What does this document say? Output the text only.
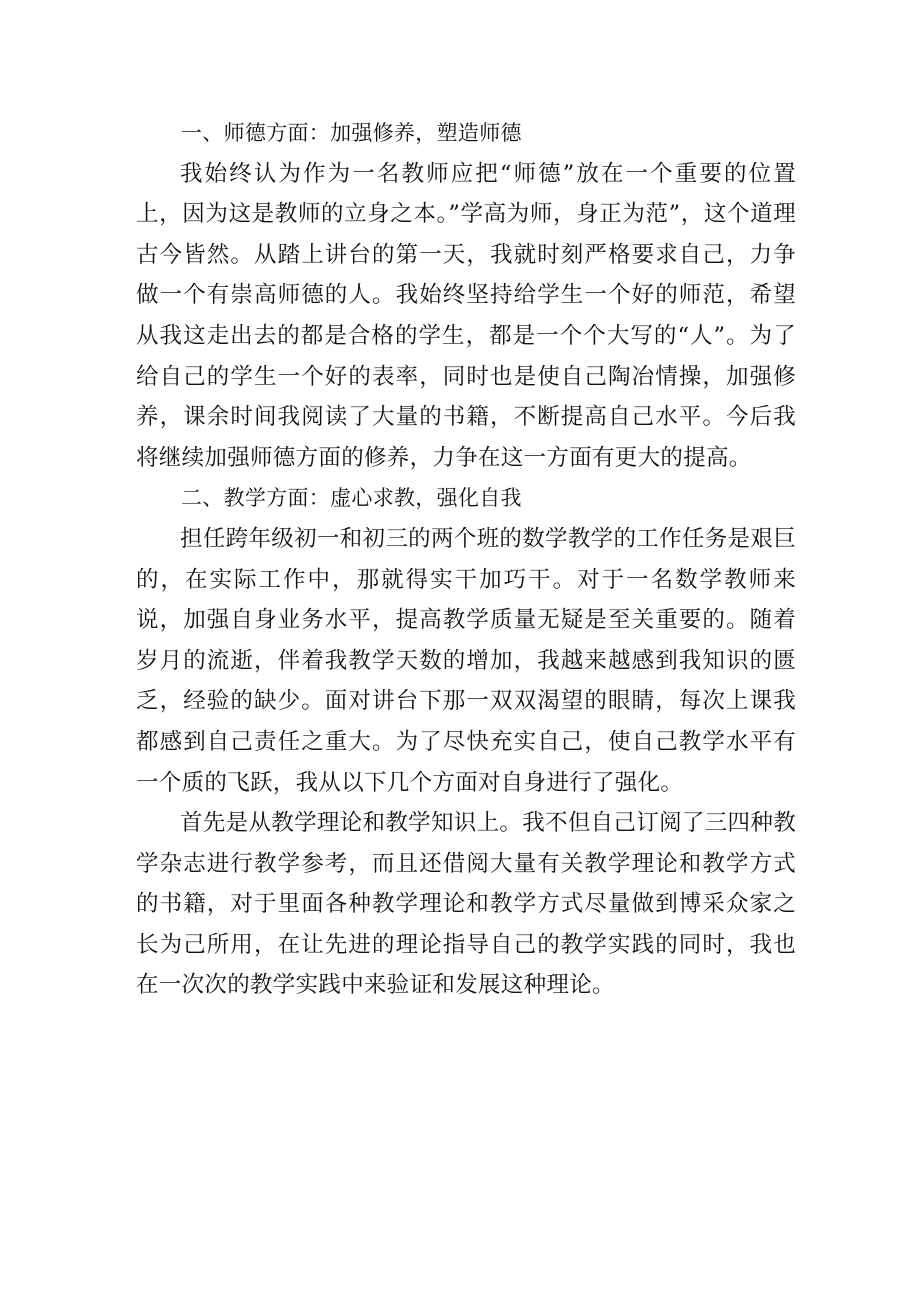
一、师德方面：加强修养，塑造师德

我始终认为作为一名教师应把“师德”放在一个重要的位置上，因为这是教师的立身之本。”学高为师，身正为范”，这个道理古今皆然。从踏上讲台的第一天，我就时刻严格要求自己，力争做一个有崇高师德的人。我始终坚持给学生一个好的师范，希望从我这走出去的都是合格的学生，都是一个个大写的“人”。为了给自己的学生一个好的表率，同时也是使自己陶冶情操，加强修养，课余时间我阅读了大量的书籍，不断提高自己水平。今后我将继续加强师德方面的修养，力争在这一方面有更大的提高。

二、教学方面：虚心求教，强化自我

担任跨年级初一和初三的两个班的数学教学的工作任务是艰巨的，在实际工作中，那就得实干加巧干。对于一名数学教师来说，加强自身业务水平，提高教学质量无疑是至关重要的。随着岁月的流逝，伴着我教学天数的增加，我越来越感到我知识的匮乏，经验的缺少。面对讲台下那一双双渴望的眼睛，每次上课我都感到自己责任之重大。为了尽快充实自己，使自己教学水平有一个质的飞跃，我从以下几个方面对自身进行了强化。

首先是从教学理论和教学知识上。我不但自己订阅了三四种教学杂志进行教学参考，而且还借阅大量有关教学理论和教学方式的书籍，对于里面各种教学理论和教学方式尽量做到博采众家之长为己所用，在让先进的理论指导自己的教学实践的同时，我也在一次次的教学实践中来验证和发展这种理论。
